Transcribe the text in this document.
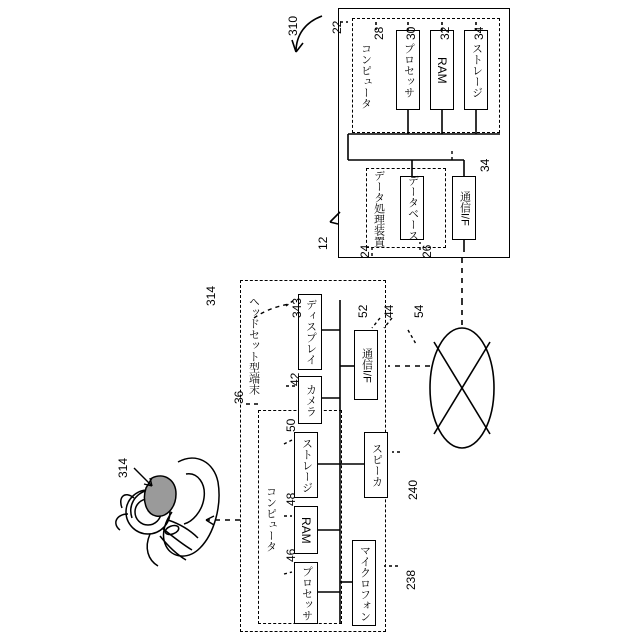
コンピュータ	プロセッサ	RAM	ストレージ
データ処理装置	データベース	通信I/F
ヘッドセット型端末
コンピュータ
ディスプレイ
カメラ
通信I/F
ストレージ
RAM
プロセッサ
スピーカ
マイクロフォン
310	22 28 30 32 34
34
12
24	26
314
343	44
52	54
42
36
50
48
46
240
238
314
